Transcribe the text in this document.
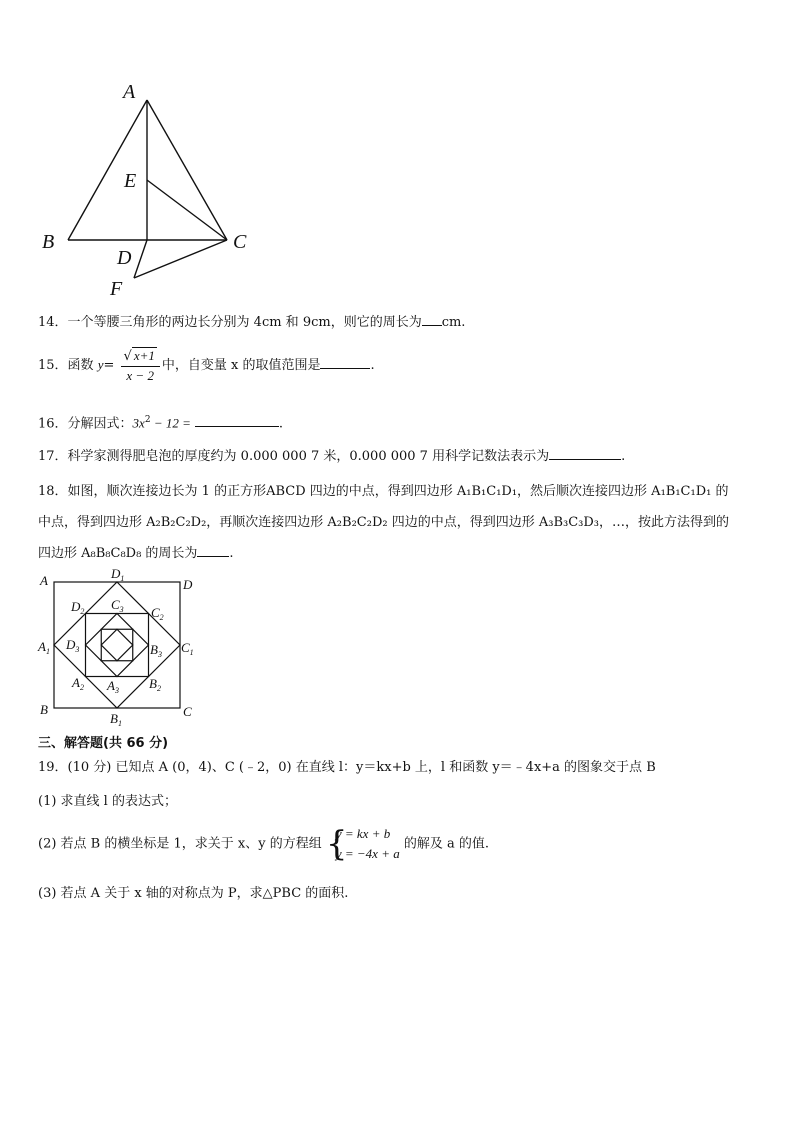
A
B	C
D
E
F
14．一个等腰三角形的两边长分别为 4cm 和 9cm，则它的周长为 cm.
15．函数 $y= \frac{√ x+1}{x - 2}$ 中，自变量 x 的取值范围是	.
16．分解因式：$3x^2 - 12$ =	.
17．科学家测得肥皂泡的厚度约为 0.000 000 7 米，0.000 000 7 用科学记数法表示为	.
18．如图，顺次连接边长为 1 的正方形ABCD 四边的中点，得到四边形 A₁B₁C₁D₁，然后顺次连接四边形 A₁B₁C₁D₁ 的
中点，得到四边形 A₂B₂C₂D₂，再顺次连接四边形 A₂B₂C₂D₂ 四边的中点，得到四边形 A₃B₃C₃D₃，…，按此方法得到的
四边形 A₈B₈C₈D₈ 的周长为 .
A	D
B	C
$D_1$
$A_1$	$C_1$
$B_1$
$D_2$	$C_2$
$A_2$	$B_2$
$C_3$
$D_3$	$B_3$
$A_3$
三、解答题(共 66 分)
19．(10 分) 已知点 A (0，4)、C (﹣2，0) 在直线 l：y＝kx+b 上，l 和函数 y＝﹣4x+a 的图象交于点 B
(1) 求直线 l 的表达式；
(2) 若点 B 的横坐标是 1，求关于 x、y 的方程组 {
y = kx + b
y = −4x + a
的解及 a 的值.
(3) 若点 A 关于 x 轴的对称点为 P，求△PBC 的面积.
